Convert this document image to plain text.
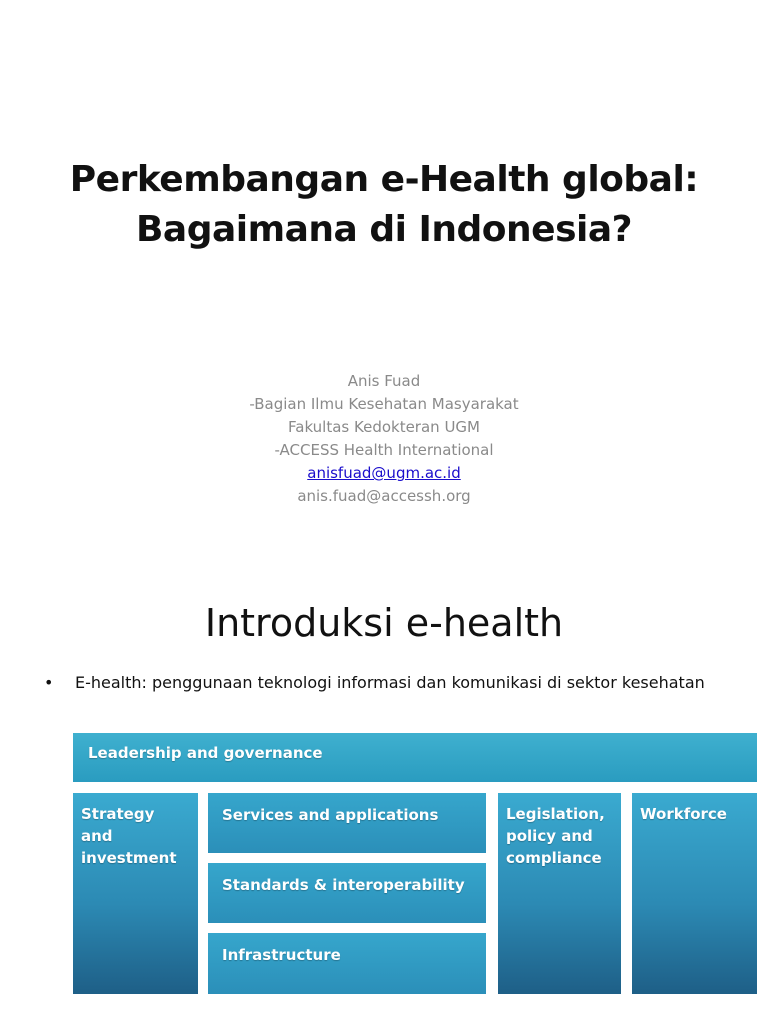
Perkembangan e-Health global:
Bagaimana di Indonesia?
Anis Fuad
-Bagian Ilmu Kesehatan Masyarakat
Fakultas Kedokteran UGM
-ACCESS Health International
anisfuad@ugm.ac.id
anis.fuad@accessh.org
Introduksi e-health
• E-health: penggunaan teknologi informasi dan komunikasi di sektor kesehatan
Leadership and governance
Strategy and investment
Services and applications
Standards & interoperability
Infrastructure
Legislation, policy and compliance
Workforce
